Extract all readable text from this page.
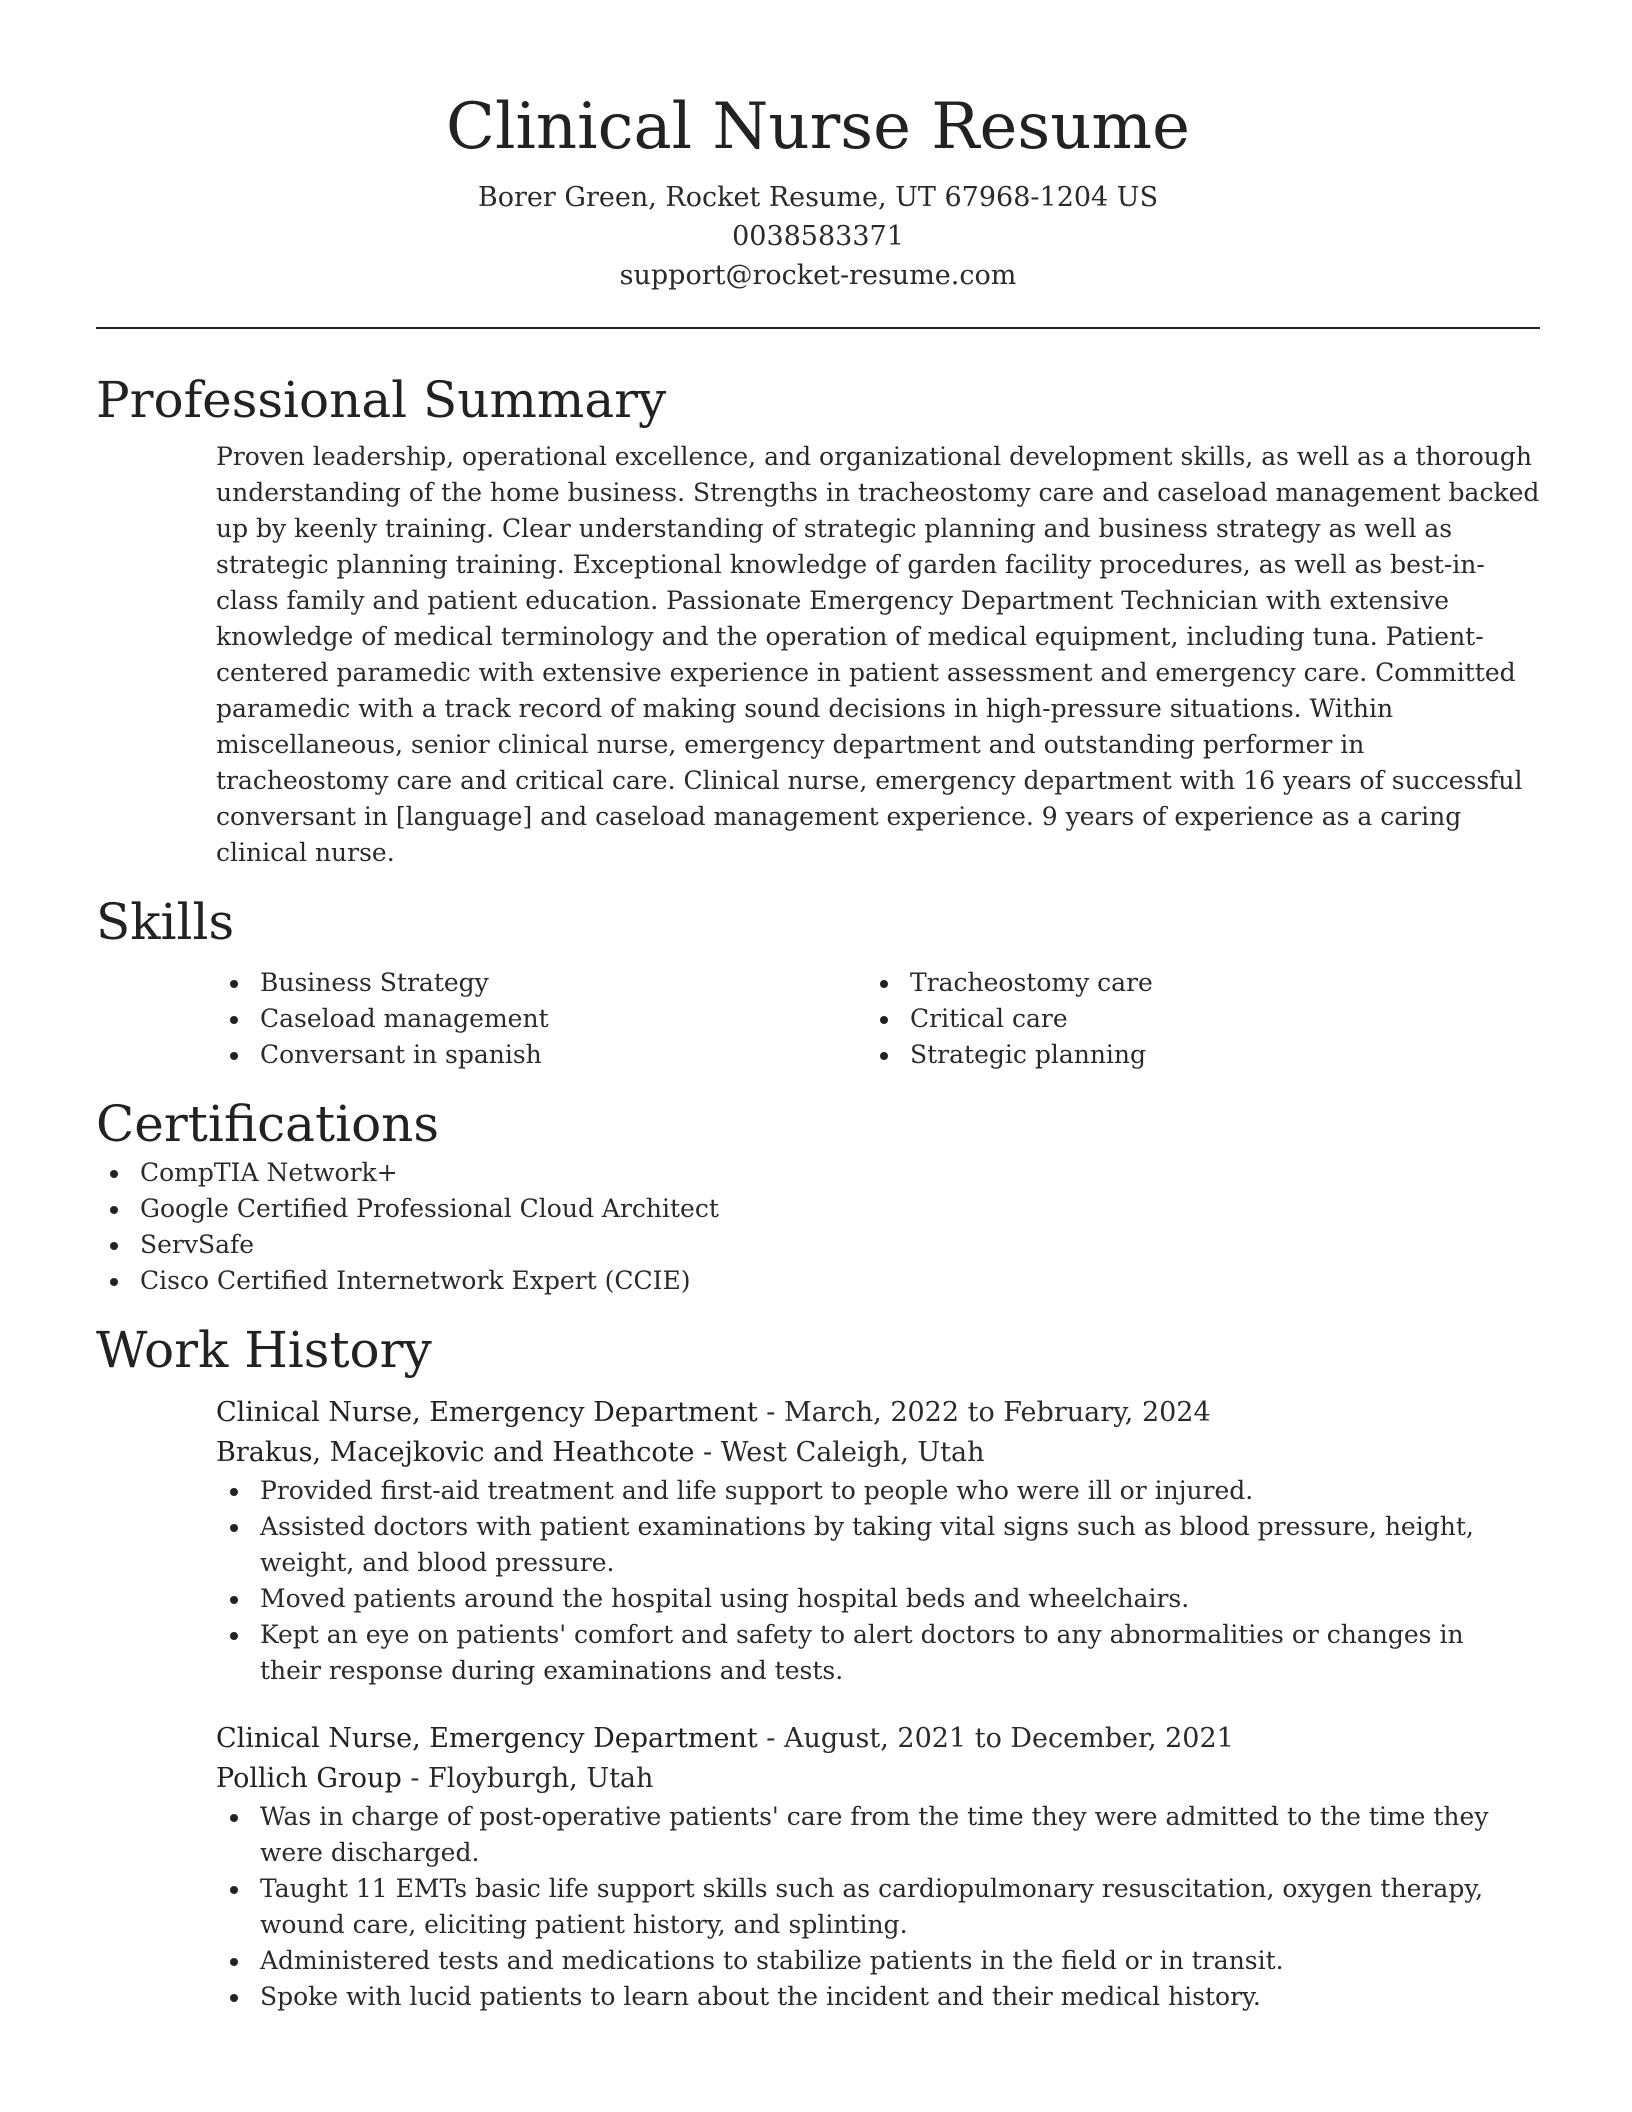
Clinical Nurse Resume
Borer Green, Rocket Resume, UT 67968-1204 US
0038583371
support@rocket-resume.com
Professional Summary

Proven leadership, operational excellence, and organizational development skills, as well as a thorough understanding of the home business. Strengths in tracheostomy care and caseload management backed up by keenly training. Clear understanding of strategic planning and business strategy as well as strategic planning training. Exceptional knowledge of garden facility procedures, as well as best-in-class family and patient education. Passionate Emergency Department Technician with extensive knowledge of medical terminology and the operation of medical equipment, including tuna. Patient-centered paramedic with extensive experience in patient assessment and emergency care. Committed paramedic with a track record of making sound decisions in high-pressure situations. Within miscellaneous, senior clinical nurse, emergency department and outstanding performer in tracheostomy care and critical care. Clinical nurse, emergency department with 16 years of successful conversant in [language] and caseload management experience. 9 years of experience as a caring clinical nurse.

Skills
Business Strategy
Caseload management
Conversant in spanish
Tracheostomy care
Critical care
Strategic planning
Certifications
CompTIA Network+
Google Certified Professional Cloud Architect
ServSafe
Cisco Certified Internetwork Expert (CCIE)
Work History
Clinical Nurse, Emergency Department - March, 2022 to February, 2024
Brakus, Macejkovic and Heathcote - West Caleigh, Utah
Provided first-aid treatment and life support to people who were ill or injured.
Assisted doctors with patient examinations by taking vital signs such as blood pressure, height, weight, and blood pressure.
Moved patients around the hospital using hospital beds and wheelchairs.
Kept an eye on patients' comfort and safety to alert doctors to any abnormalities or changes in their response during examinations and tests.
Clinical Nurse, Emergency Department - August, 2021 to December, 2021
Pollich Group - Floyburgh, Utah
Was in charge of post-operative patients' care from the time they were admitted to the time they were discharged.
Taught 11 EMTs basic life support skills such as cardiopulmonary resuscitation, oxygen therapy, wound care, eliciting patient history, and splinting.
Administered tests and medications to stabilize patients in the field or in transit.
Spoke with lucid patients to learn about the incident and their medical history.
